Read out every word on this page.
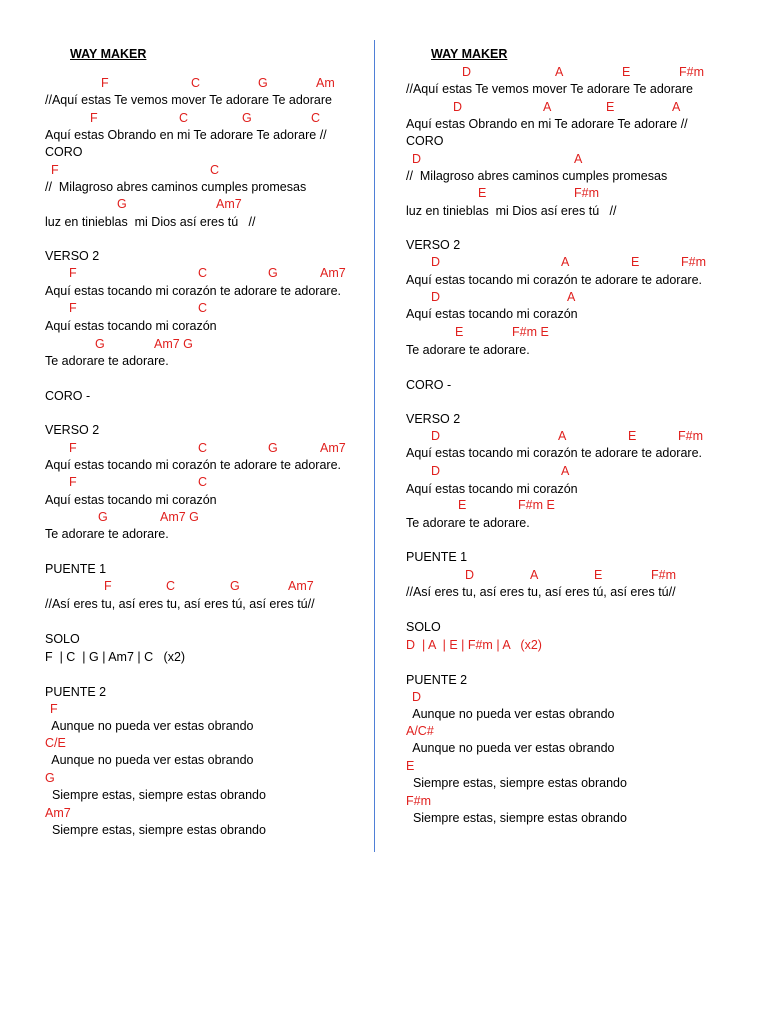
WAY MAKER

F

	C

	G

	Am

//Aquí estas Te vemos mover Te adorare Te adorare

F

	C

	G

	C

Aquí estas Obrando en mi Te adorare Te adorare //
CORO

F

	C

//  Milagroso abres caminos cumples promesas

G

	Am7

luz en tinieblas  mi Dios así eres tú   //
VERSO 2

F

	C

	G

	Am7

Aquí estas tocando mi corazón te adorare te adorare.

F

	C

Aquí estas tocando mi corazón

G

	Am7 G

Te adorare te adorare.
CORO -
VERSO 2

F

	C

	G

	Am7

Aquí estas tocando mi corazón te adorare te adorare.

F

	C

Aquí estas tocando mi corazón

G

	Am7 G

Te adorare te adorare.
PUENTE 1

F

	C

	G

	Am7

//Así eres tu, así eres tu, así eres tú, así eres tú//
SOLO
F  | C  | G | Am7 | C   (x2)
PUENTE 2
F
Aunque no pueda ver estas obrando
C/E
Aunque no pueda ver estas obrando
G
Siempre estas, siempre estas obrando
Am7
Siempre estas, siempre estas obrando
WAY MAKER

D

	A

	E

	F#m

//Aquí estas Te vemos mover Te adorare Te adorare

D

	A

	E

	A

Aquí estas Obrando en mi Te adorare Te adorare //
CORO

D

	A

//  Milagroso abres caminos cumples promesas

E

	F#m

luz en tinieblas  mi Dios así eres tú   //
VERSO 2

D

	A

	E

	F#m

Aquí estas tocando mi corazón te adorare te adorare.

D

	A

Aquí estas tocando mi corazón

E

	F#m E

Te adorare te adorare.
CORO -
VERSO 2

D

	A

	E

	F#m

Aquí estas tocando mi corazón te adorare te adorare.

D

	A

Aquí estas tocando mi corazón

E

	F#m E

Te adorare te adorare.
PUENTE 1

D

	A

	E

	F#m

//Así eres tu, así eres tu, así eres tú, así eres tú//
SOLO
D  | A  | E | F#m | A   (x2)
PUENTE 2
D
Aunque no pueda ver estas obrando
A/C#
Aunque no pueda ver estas obrando
E
Siempre estas, siempre estas obrando
F#m
Siempre estas, siempre estas obrando
